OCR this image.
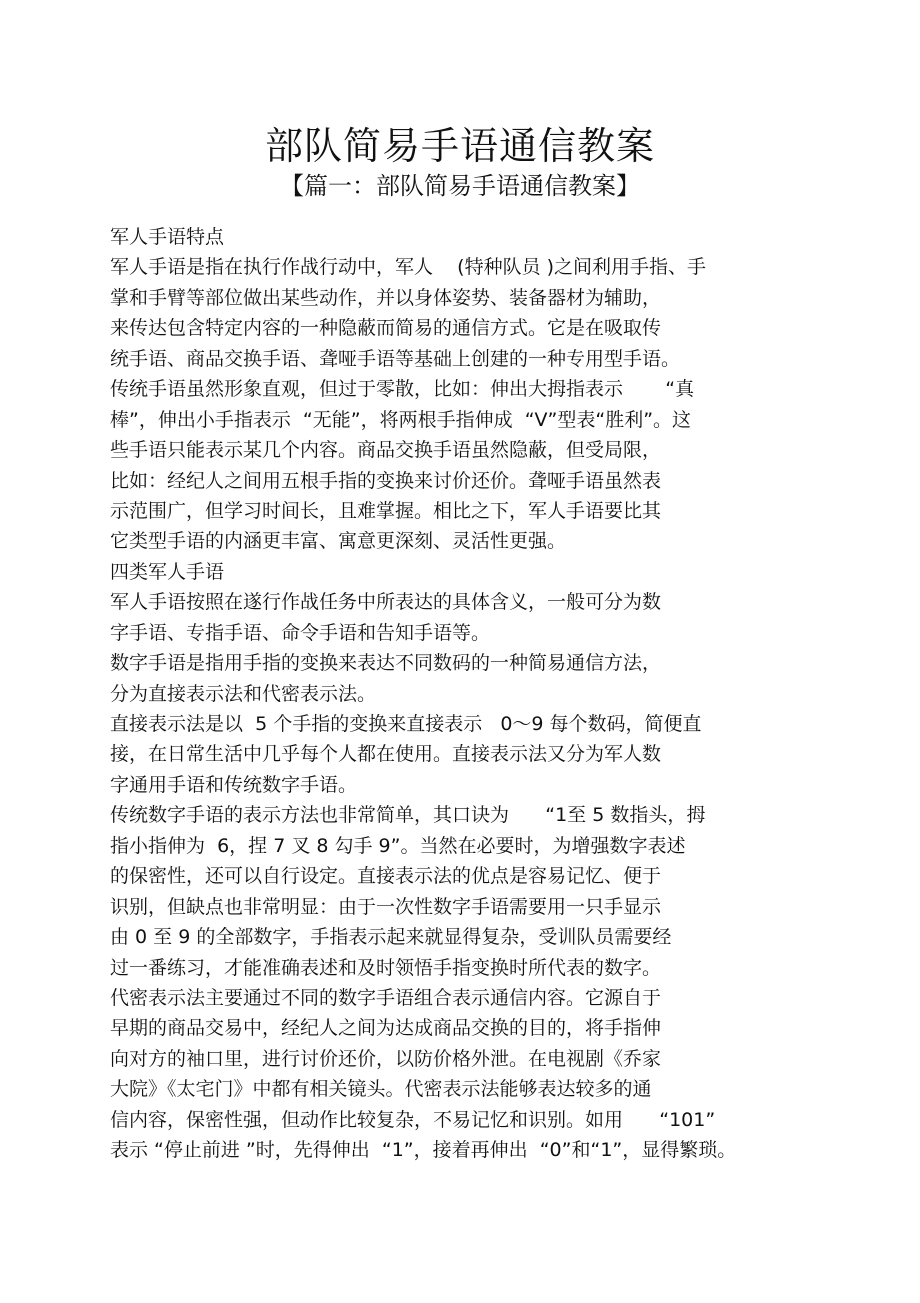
部队简易手语通信教案
【篇一：部队简易手语通信教案】
军人手语特点
军人手语是指在执行作战行动中，军人    (特种队员 )之间利用手指、手
掌和手臂等部位做出某些动作，并以身体姿势、装备器材为辅助，
来传达包含特定内容的一种隐蔽而简易的通信方式。它是在吸取传
统手语、商品交换手语、聋哑手语等基础上创建的一种专用型手语。
传统手语虽然形象直观，但过于零散，比如：伸出大拇指表示       “真
棒”，伸出小手指表示  “无能”，将两根手指伸成  “V”型表“胜利”。这
些手语只能表示某几个内容。商品交换手语虽然隐蔽，但受局限，
比如：经纪人之间用五根手指的变换来讨价还价。聋哑手语虽然表
示范围广，但学习时间长，且难掌握。相比之下，军人手语要比其
它类型手语的内涵更丰富、寓意更深刻、灵活性更强。
四类军人手语
军人手语按照在遂行作战任务中所表达的具体含义，一般可分为数
字手语、专指手语、命令手语和告知手语等。
数字手语是指用手指的变换来表达不同数码的一种简易通信方法，
分为直接表示法和代密表示法。
直接表示法是以  5 个手指的变换来直接表示   0～9 每个数码，简便直
接，在日常生活中几乎每个人都在使用。直接表示法又分为军人数
字通用手语和传统数字手语。
传统数字手语的表示方法也非常简单，其口诀为      “1至 5 数指头，拇
指小指伸为  6，捏 7 叉 8 勾手 9”。当然在必要时，为增强数字表述
的保密性，还可以自行设定。直接表示法的优点是容易记忆、便于
识别，但缺点也非常明显：由于一次性数字手语需要用一只手显示
由 0 至 9 的全部数字，手指表示起来就显得复杂，受训队员需要经
过一番练习，才能准确表述和及时领悟手指变换时所代表的数字。
代密表示法主要通过不同的数字手语组合表示通信内容。它源自于
早期的商品交易中，经纪人之间为达成商品交换的目的，将手指伸
向对方的袖口里，进行讨价还价，以防价格外泄。在电视剧《乔家
大院》《太宅门》中都有相关镜头。代密表示法能够表达较多的通
信内容，保密性强，但动作比较复杂，不易记忆和识别。如用      “101”
表示 “停止前进 ”时，先得伸出  “1”，接着再伸出  “0”和“1”，显得繁琐。
